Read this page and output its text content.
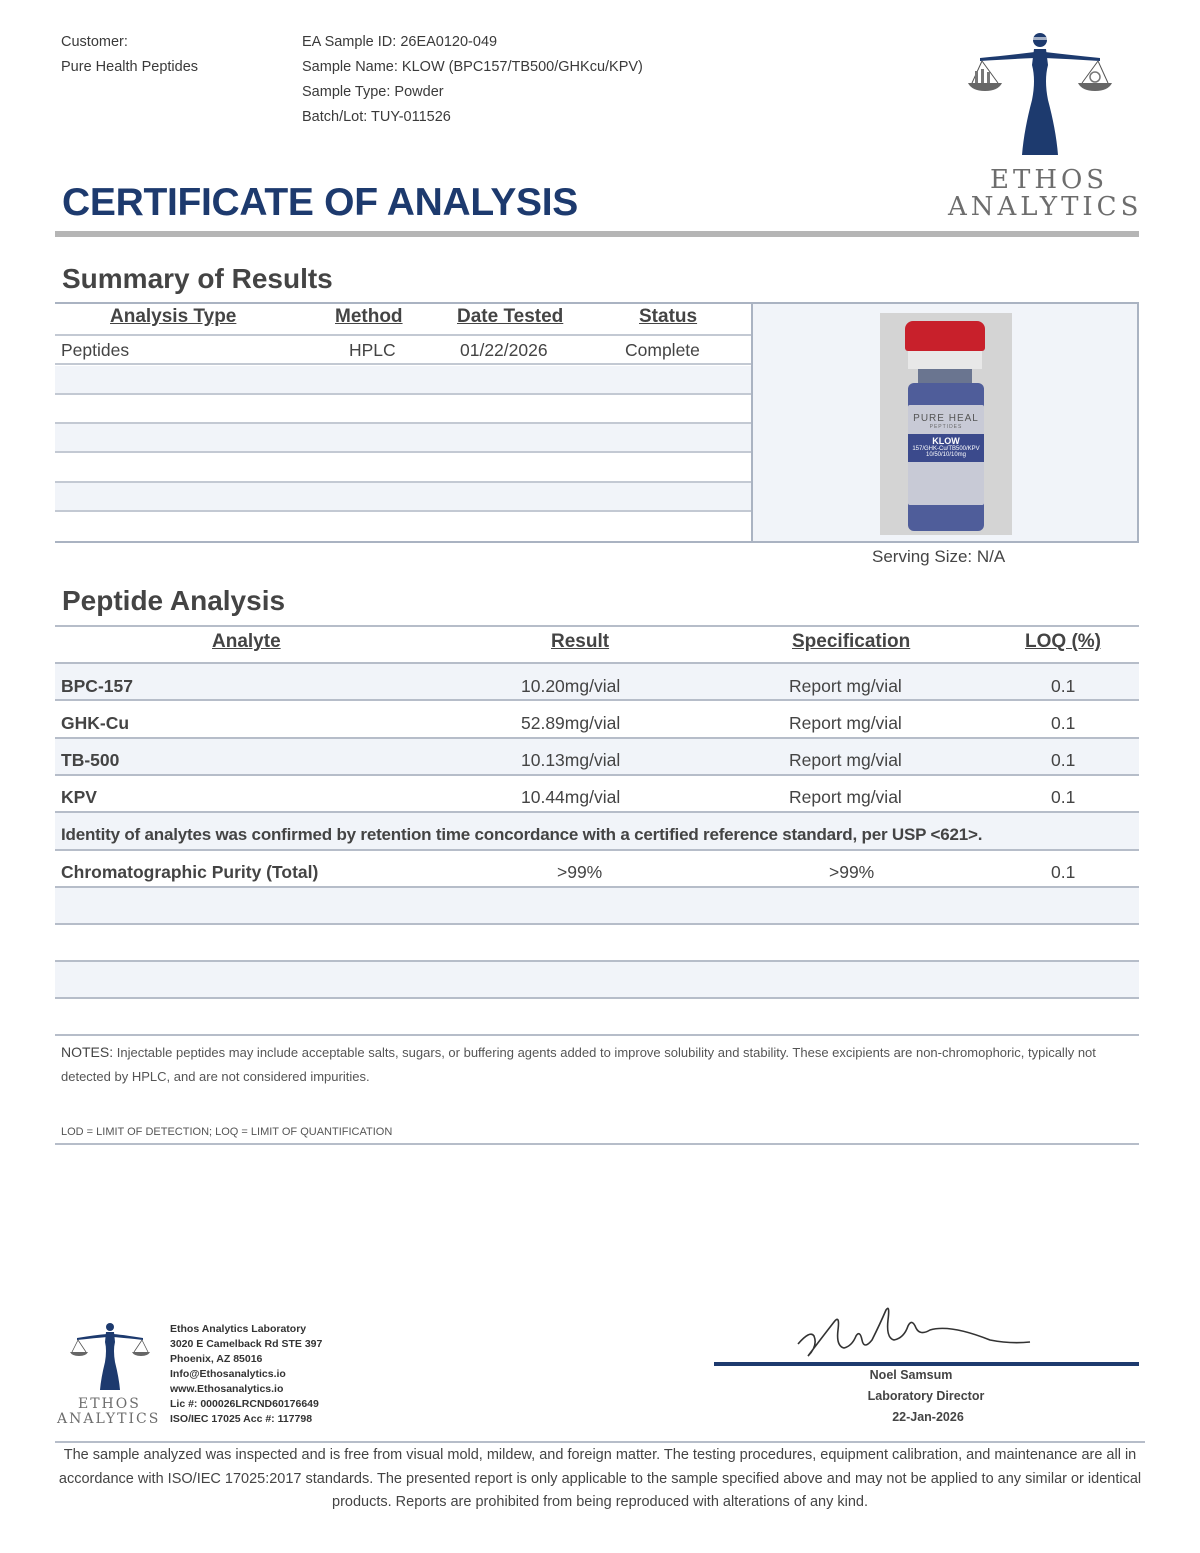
Customer:
Pure Health Peptides
EA Sample ID: 26EA0120-049
Sample Name: KLOW (BPC157/TB500/GHKcu/KPV)
Sample Type: Powder
Batch/Lot: TUY-011526
ETHOS
ANALYTICS
CERTIFICATE OF ANALYSIS
Summary of Results
Analysis Type	Method	Date Tested	Status
Peptides	HPLC	01/22/2026	Complete
PURE HEAL
PEPTIDES
KLOW
157/GHK-Cu/TB500/KPV
10/50/10/10mg
Serving Size: N/A
Peptide Analysis
Analyte	Result	Specification	LOQ (%)
BPC-157	10.20mg/vial	Report mg/vial	0.1
GHK-Cu	52.89mg/vial	Report mg/vial	0.1
TB-500	10.13mg/vial	Report mg/vial	0.1
KPV	10.44mg/vial	Report mg/vial	0.1
Identity of analytes was confirmed by retention time concordance with a certified reference standard, per USP <621>.
Chromatographic Purity (Total)	>99%	>99%	0.1
NOTES: Injectable peptides may include acceptable salts, sugars, or buffering agents added to improve solubility and stability. These excipients are non-chromophoric, typically not detected by HPLC, and are not considered impurities.
LOD = LIMIT OF DETECTION; LOQ = LIMIT OF QUANTIFICATION
ETHOS
ANALYTICS
Ethos Analytics Laboratory
3020 E Camelback Rd STE 397
Phoenix, AZ 85016
Info@Ethosanalytics.io
www.Ethosanalytics.io
Lic #: 000026LRCND60176649
ISO/IEC 17025 Acc #: 117798
Noel Samsum
Laboratory Director
22-Jan-2026
The sample analyzed was inspected and is free from visual mold, mildew, and foreign matter. The testing procedures, equipment calibration, and maintenance are all in accordance with ISO/IEC 17025:2017 standards. The presented report is only applicable to the sample specified above and may not be applied to any similar or identical products. Reports are prohibited from being reproduced with alterations of any kind.
